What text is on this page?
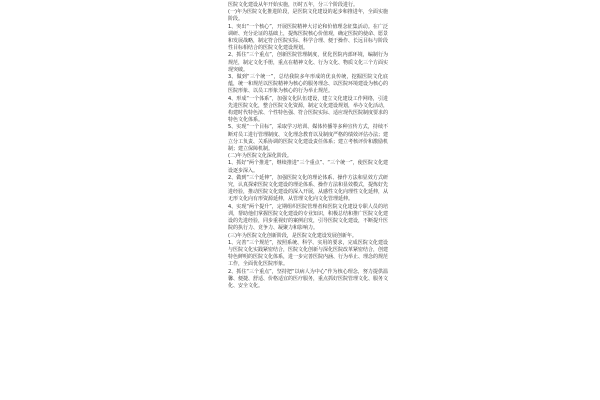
医院文化建设从年开始实施，历时五年，分三个阶段进行。

(一)年为医院文化推进阶段，是医院文化建设的起步和推进年，全面实施阶段。

1、突出“一个核心”，开展医院精神大讨论和价值理念征集活动。在广泛调研、充分论证的基础上，提炼医院核心价值观，确定医院的使命、愿景和发展战略，制定符合医院实际、科学合理、便于操作、长远目标与阶段性目标相结合的医院文化建设规划。

2、抓住“三个重点”，创新医院管理制度，优化医院内部环境，编制行为规范，制定文化手册，重点在精神文化、行为文化、物质文化三个方面实现突破。

3、做到“三个统一”，总结我院多年形成的优良传统，挖掘医院文化底蕴，统一和规范以医院精神为核心的服务理念、以医院环境建设为核心的医院形象、以员工形象为核心的行为举止规范。

4、形成“一个体系”，加强文化队伍建设，建立文化建设工作网络，引进先进医院文化，整合医院文化资源，制定文化建设规划，举办文化活动，构建时代特色浓、个性特色强、符合医院实际、适应现代医院制度要求的特色文化体系。

5、实现“一个目标”，采取学习培训、媒体传播等多种宣传方式，持续不断对员工进行管理制度、文化理念教育以及制度严格的绩效评估办法；建立分工负责、关系协调的医院文化建设责任体系；建立考核评价和激励机制；建立保障机制。

(二)年为医院文化深化阶段。

1、抓好“两个推进”，继续推进“三个重点”、“三个统一”，使医院文化建设逐步深入。

2、做到“三个延伸”，加强医院文化的理论体系、操作方法和显效方式研究，认真探索医院文化建设的理论体系、操作方法和显效模式，提炼好先进经验，推动医院文化建设的深入开展，从感性文化向理性文化延伸，从无形文化向有形资源延伸，从管理文化向文化管理延伸。

4、实现“两个提升”，定期组织医院管理者和医院文化建设专职人员的培训，帮助他们掌握医院文化建设的专业知识，积极总结和推广医院文化建设的先进经验，同步重视好的案例启发，引导医院文化建设，不断提升医院的执行力、竞争力、凝聚力和影响力。

(三)年为医院文化创新阶段，是医院文化建设发展创新年。

1、完善“三个规范”，按照系统、科学、实用的要求，完成医院文化建设与医院文化实践紧密结合，医院文化创新与深化医院改革紧密结合，创建特色鲜明的医院文化体系，进一步完善医院内涵、行为举止、理念的规范工作，全面优化医院形象。

2、抓住“三个重点”，坚持把“以病人为中心”作为核心理念，努力提供温馨、便捷、舒适、价格适宜的医疗服务，重点抓好医院管理文化、服务文化、安全文化。
